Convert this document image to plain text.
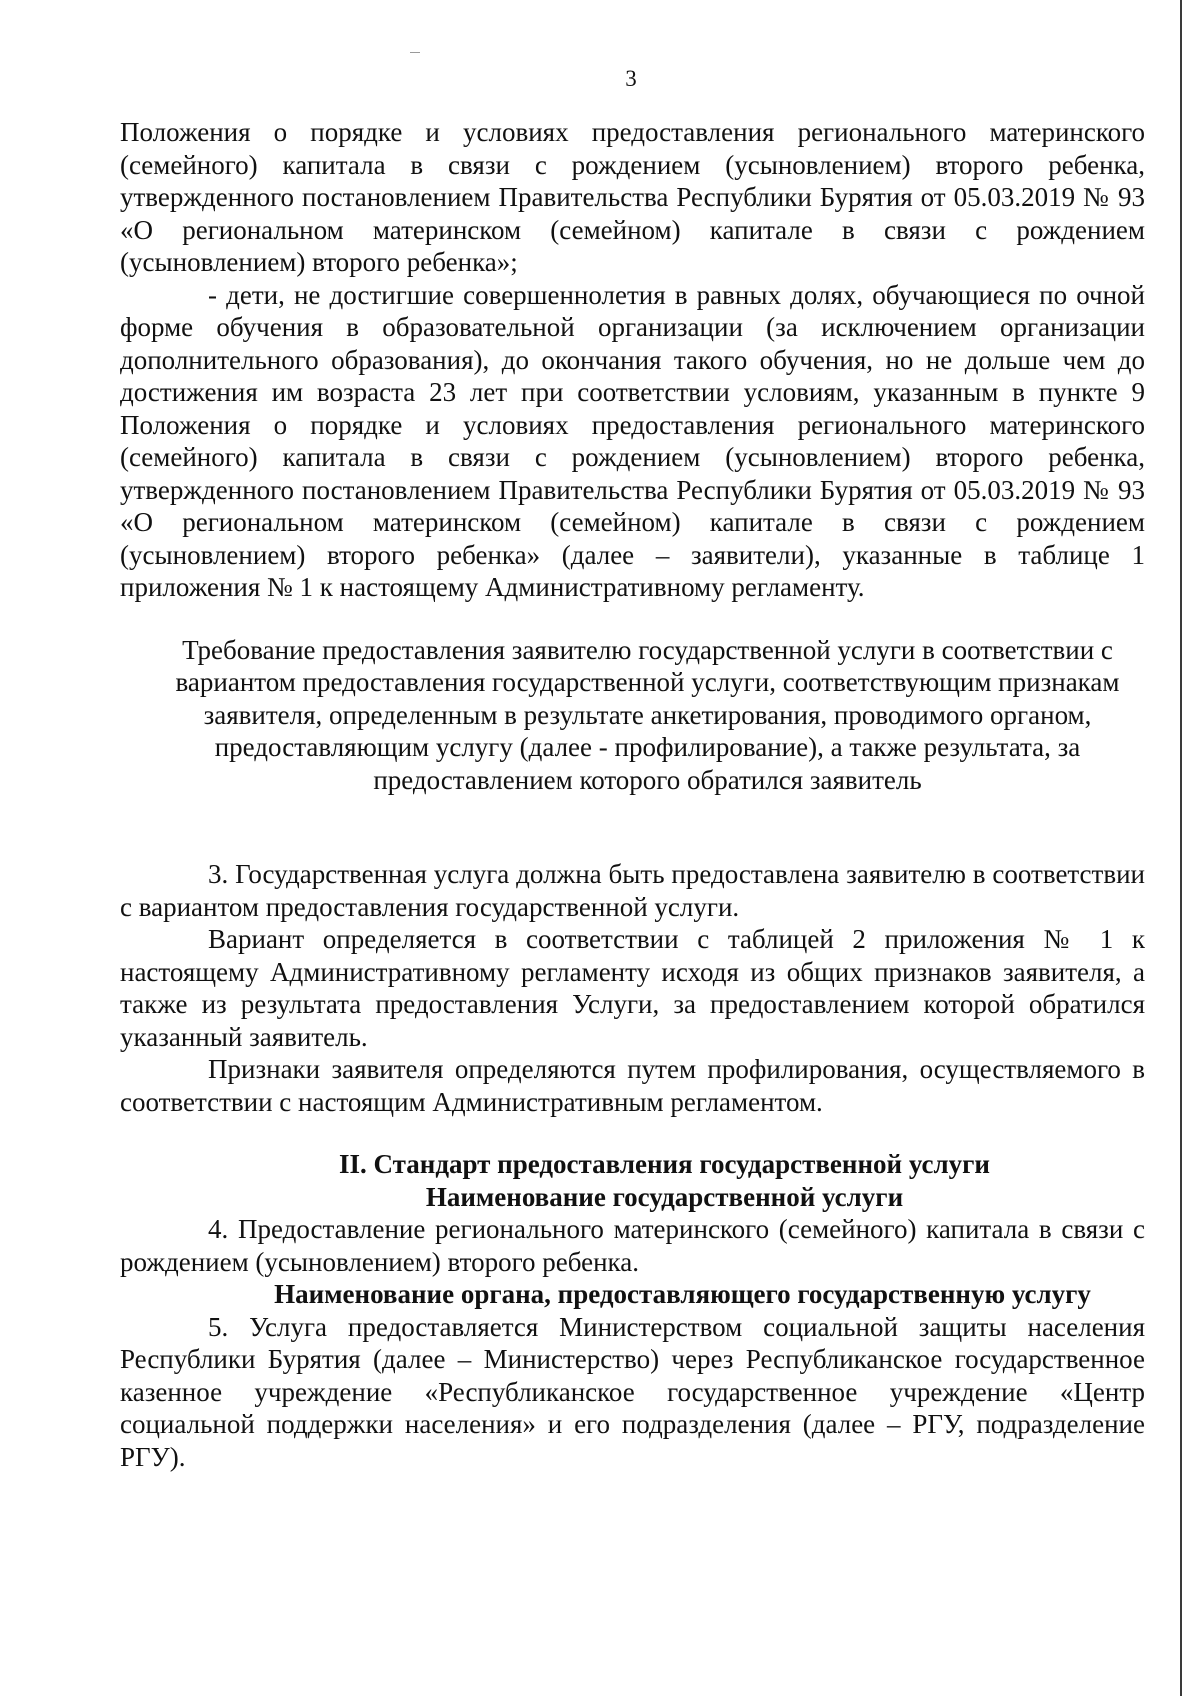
3

Положения о порядке и условиях предоставления регионального материнского (семейного) капитала в связи с рождением (усыновлением) второго ребенка, утвержденного постановлением Правительства Республики Бурятия от 05.03.2019 № 93 «О региональном материнском (семейном) капитале в связи с рождением (усыновлением) второго ребенка»;

- дети, не достигшие совершеннолетия в равных долях, обучающиеся по очной форме обучения в образовательной организации (за исключением организации дополнительного образования), до окончания такого обучения, но не дольше чем до достижения им возраста 23 лет при соответствии условиям, указанным в пункте 9 Положения о порядке и условиях предоставления регионального материнского (семейного) капитала в связи с рождением (усыновлением) второго ребенка, утвержденного постановлением Правительства Республики Бурятия от 05.03.2019 № 93 «О региональном материнском (семейном) капитале в связи с рождением (усыновлением) второго ребенка» (далее – заявители), указанные в таблице 1 приложения № 1 к настоящему Административному регламенту.

Требование предоставления заявителю государственной услуги в соответствии с вариантом предоставления государственной услуги, соответствующим признакам заявителя, определенным в результате анкетирования, проводимого органом, предоставляющим услугу (далее - профилирование), а также результата, за предоставлением которого обратился заявитель

3. Государственная услуга должна быть предоставлена заявителю в соответствии с вариантом предоставления государственной услуги.

Вариант определяется в соответствии с таблицей 2 приложения № 1 к настоящему Административному регламенту исходя из общих признаков заявителя, а также из результата предоставления Услуги, за предоставлением которой обратился указанный заявитель.

Признаки заявителя определяются путем профилирования, осуществляемого в соответствии с настоящим Административным регламентом.

II. Стандарт предоставления государственной услуги

Наименование государственной услуги

4. Предоставление регионального материнского (семейного) капитала в связи с рождением (усыновлением) второго ребенка.

Наименование органа, предоставляющего государственную услугу

5. Услуга предоставляется Министерством социальной защиты населения Республики Бурятия (далее – Министерство) через Республиканское государственное казенное учреждение «Республиканское государственное учреждение «Центр социальной поддержки населения» и его подразделения (далее – РГУ, подразделение РГУ).
